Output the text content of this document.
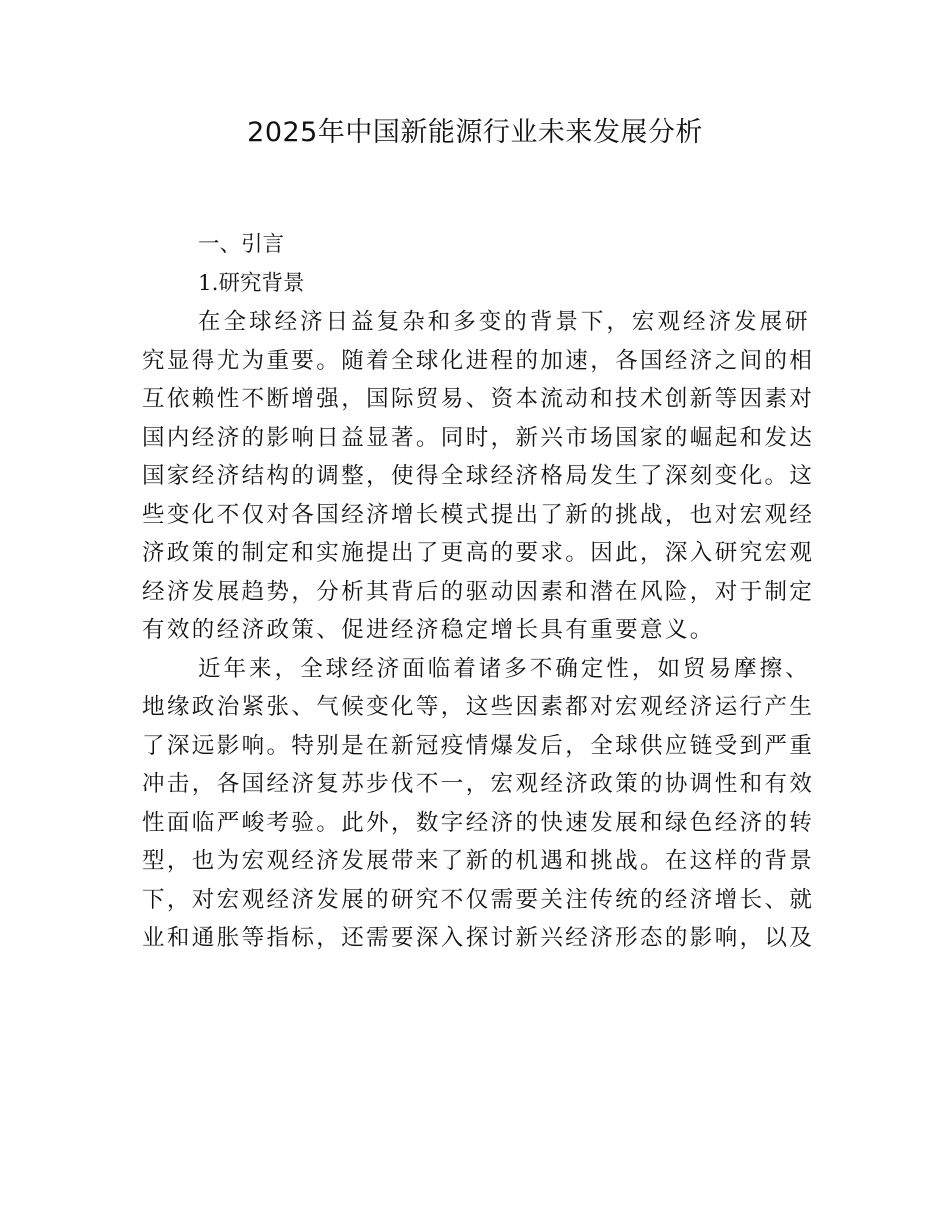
2025年中国新能源行业未来发展分析
一、引言
1.研究背景

在全球经济日益复杂和多变的背景下，宏观经济发展研
究显得尤为重要。随着全球化进程的加速，各国经济之间的相
互依赖性不断增强，国际贸易、资本流动和技术创新等因素对
国内经济的影响日益显著。同时，新兴市场国家的崛起和发达
国家经济结构的调整，使得全球经济格局发生了深刻变化。这
些变化不仅对各国经济增长模式提出了新的挑战，也对宏观经
济政策的制定和实施提出了更高的要求。因此，深入研究宏观
经济发展趋势，分析其背后的驱动因素和潜在风险，对于制定
有效的经济政策、促进经济稳定增长具有重要意义。

近年来，全球经济面临着诸多不确定性，如贸易摩擦、
地缘政治紧张、气候变化等，这些因素都对宏观经济运行产生
了深远影响。特别是在新冠疫情爆发后，全球供应链受到严重
冲击，各国经济复苏步伐不一，宏观经济政策的协调性和有效
性面临严峻考验。此外，数字经济的快速发展和绿色经济的转
型，也为宏观经济发展带来了新的机遇和挑战。在这样的背景
下，对宏观经济发展的研究不仅需要关注传统的经济增长、就
业和通胀等指标，还需要深入探讨新兴经济形态的影响，以及
